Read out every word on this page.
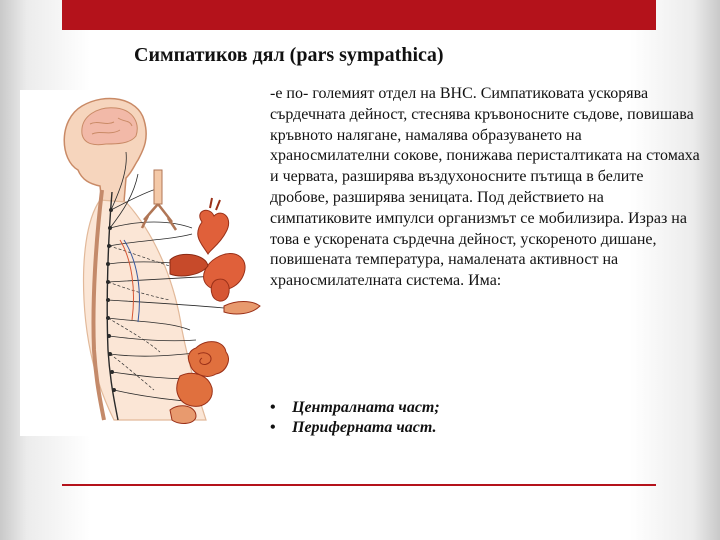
Симпатиков дял (pars sympathica)

-е по- големият отдел на ВНС. Симпатиковата ускорява сърдечната дейност, стеснява кръвоносните съдове, повишава кръвното налягане, намалява образуването на храносмилателни сокове, понижава перисталтиката на стомаха и червата, разширява въздухоносните пътища в белите дробове, разширява зеницата. Под действието на симпатиковите импулси организмът се мобилизира. Израз на това е ускорената сърдечна дейност, ускореното дишане, повишената температура, намалената активност на храносмилателната система. Има:

• Централната част;
• Периферната част.
